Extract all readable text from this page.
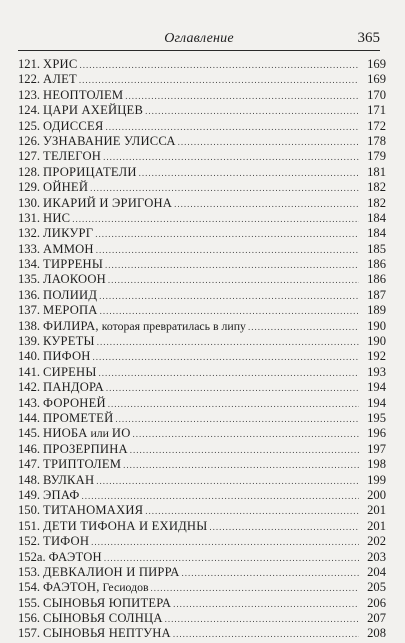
Оглавление	365
121. ХРИС
.....
122. АЛЕТ
.....
123. НЕОПТОЛЕМ
.....
124. ЦАРИ АХЕЙЦЕВ
.....
125. ОДИССЕЯ
.....
126. УЗНАВАНИЕ УЛИССА
.....
127. ТЕЛЕГОН
.....
128. ПРОРИЦАТЕЛИ
.....
129. ОЙНЕЙ
.....
130. ИКАРИЙ И ЭРИГОНА
.....
131. НИС
.....
132. ЛИКУРГ
.....
133. АММОН
.....
134. ТИРРЕНЫ
.....
135. ЛАОКООН
.....
136. ПОЛИИД
.....
137. МЕРОПА
.....
138. ФИЛИРА, которая превратилась в липу
.....
139. КУРЕТЫ
.....
140. ПИФОН
.....
141. СИРЕНЫ
.....
142. ПАНДОРА
.....
143. ФОРОНЕЙ
.....
144. ПРОМЕТЕЙ
.....
145. НИОБА или ИО
.....
146. ПРОЗЕРПИНА
.....
147. ТРИПТОЛЕМ
.....
148. ВУЛКАН
.....
149. ЭПАФ
.....
150. ТИТАНОМАХИЯ
.....
151. ДЕТИ ТИФОНА И ЕХИДНЫ
.....
152. ТИФОН
.....
152a. ФАЭТОН
.....
153. ДЕВКАЛИОН И ПИРРА
.....
154. ФАЭТОН, Гесиодов
.....
155. СЫНОВЬЯ ЮПИТЕРА
.....
156. СЫНОВЬЯ СОЛНЦА
.....
157. СЫНОВЬЯ НЕПТУНА
.....
169
169
170
171
172
178
179
181
182
182
184
184
185
186
186
187
189
190
190
192
193
194
194
195
196
197
198
199
200
201
201
202
203
204
205
206
207
208
